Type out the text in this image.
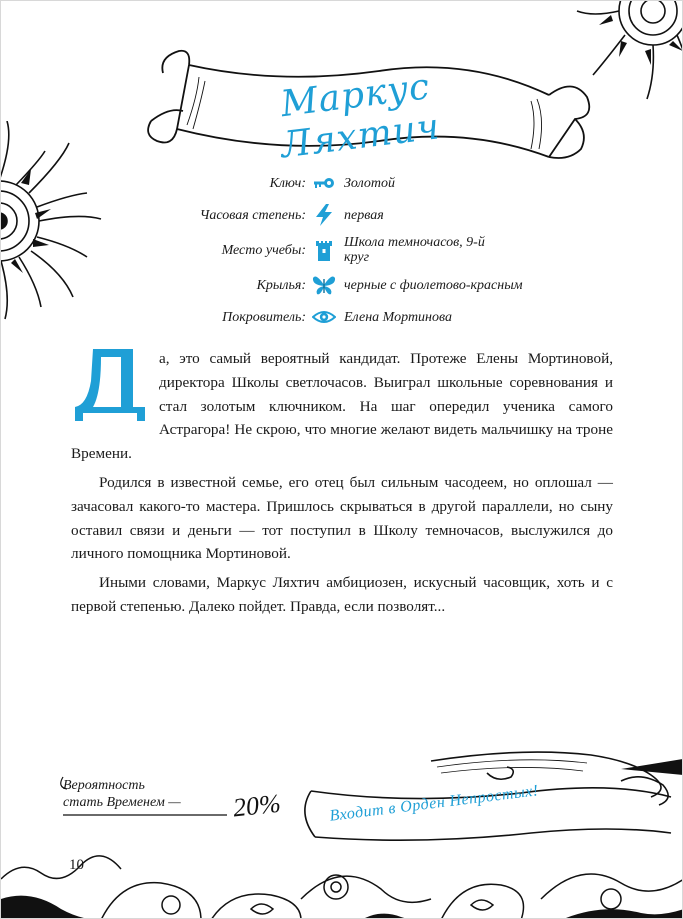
Маркус Ляхтич
Ключ:	Золотой
Часовая степень:	первая
Место учебы:	Школа темночасов, 9-й круг
Крылья:	черные с фиолетово-красным
Покровитель:	Елена Мортинова

а, это самый вероятный кандидат. Протеже Елены Мортиновой, директора Школы светлочасов. Выиграл школьные соревнования и стал золотым ключником. На шаг опередил ученика самого Астрагора! Не скрою, что многие желают видеть мальчишку на троне Времени.

Родился в известной семье, его отец был сильным часодеем, но оплошал — зачасовал какого-то мастера. Пришлось скрываться в другой параллели, но сыну оставил связи и деньги — тот поступил в Школу темночасов, выслужился до личного помощника Мортиновой.

Иными словами, Маркус Ляхтич амбициозен, искусный часовщик, хоть и с первой степенью. Далеко пойдет. Правда, если позволят...

Входит в Орден Непростых!
Вероятность
стать Временем — 20%
10
